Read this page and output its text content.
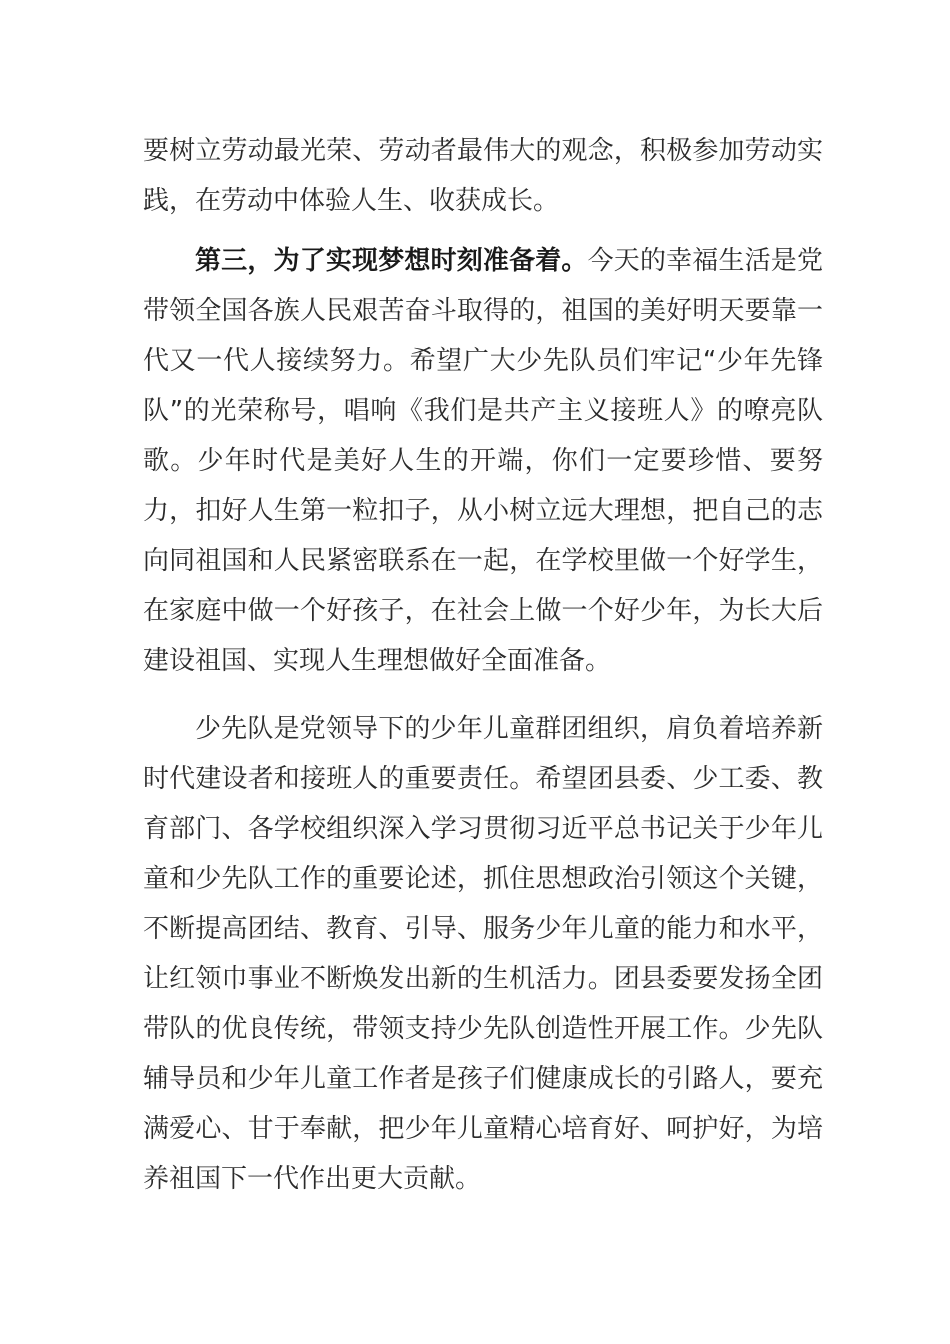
要树立劳动最光荣、劳动者最伟大的观念，积极参加劳动实践，在劳动中体验人生、收获成长。

第三，为了实现梦想时刻准备着。今天的幸福生活是党带领全国各族人民艰苦奋斗取得的，祖国的美好明天要靠一代又一代人接续努力。希望广大少先队员们牢记“少年先锋队”的光荣称号，唱响《我们是共产主义接班人》的嘹亮队歌。少年时代是美好人生的开端，你们一定要珍惜、要努力，扣好人生第一粒扣子，从小树立远大理想，把自己的志向同祖国和人民紧密联系在一起，在学校里做一个好学生，在家庭中做一个好孩子，在社会上做一个好少年，为长大后建设祖国、实现人生理想做好全面准备。

少先队是党领导下的少年儿童群团组织，肩负着培养新时代建设者和接班人的重要责任。希望团县委、少工委、教育部门、各学校组织深入学习贯彻习近平总书记关于少年儿童和少先队工作的重要论述，抓住思想政治引领这个关键，不断提高团结、教育、引导、服务少年儿童的能力和水平，让红领巾事业不断焕发出新的生机活力。团县委要发扬全团带队的优良传统，带领支持少先队创造性开展工作。少先队辅导员和少年儿童工作者是孩子们健康成长的引路人，要充满爱心、甘于奉献，把少年儿童精心培育好、呵护好，为培养祖国下一代作出更大贡献。
